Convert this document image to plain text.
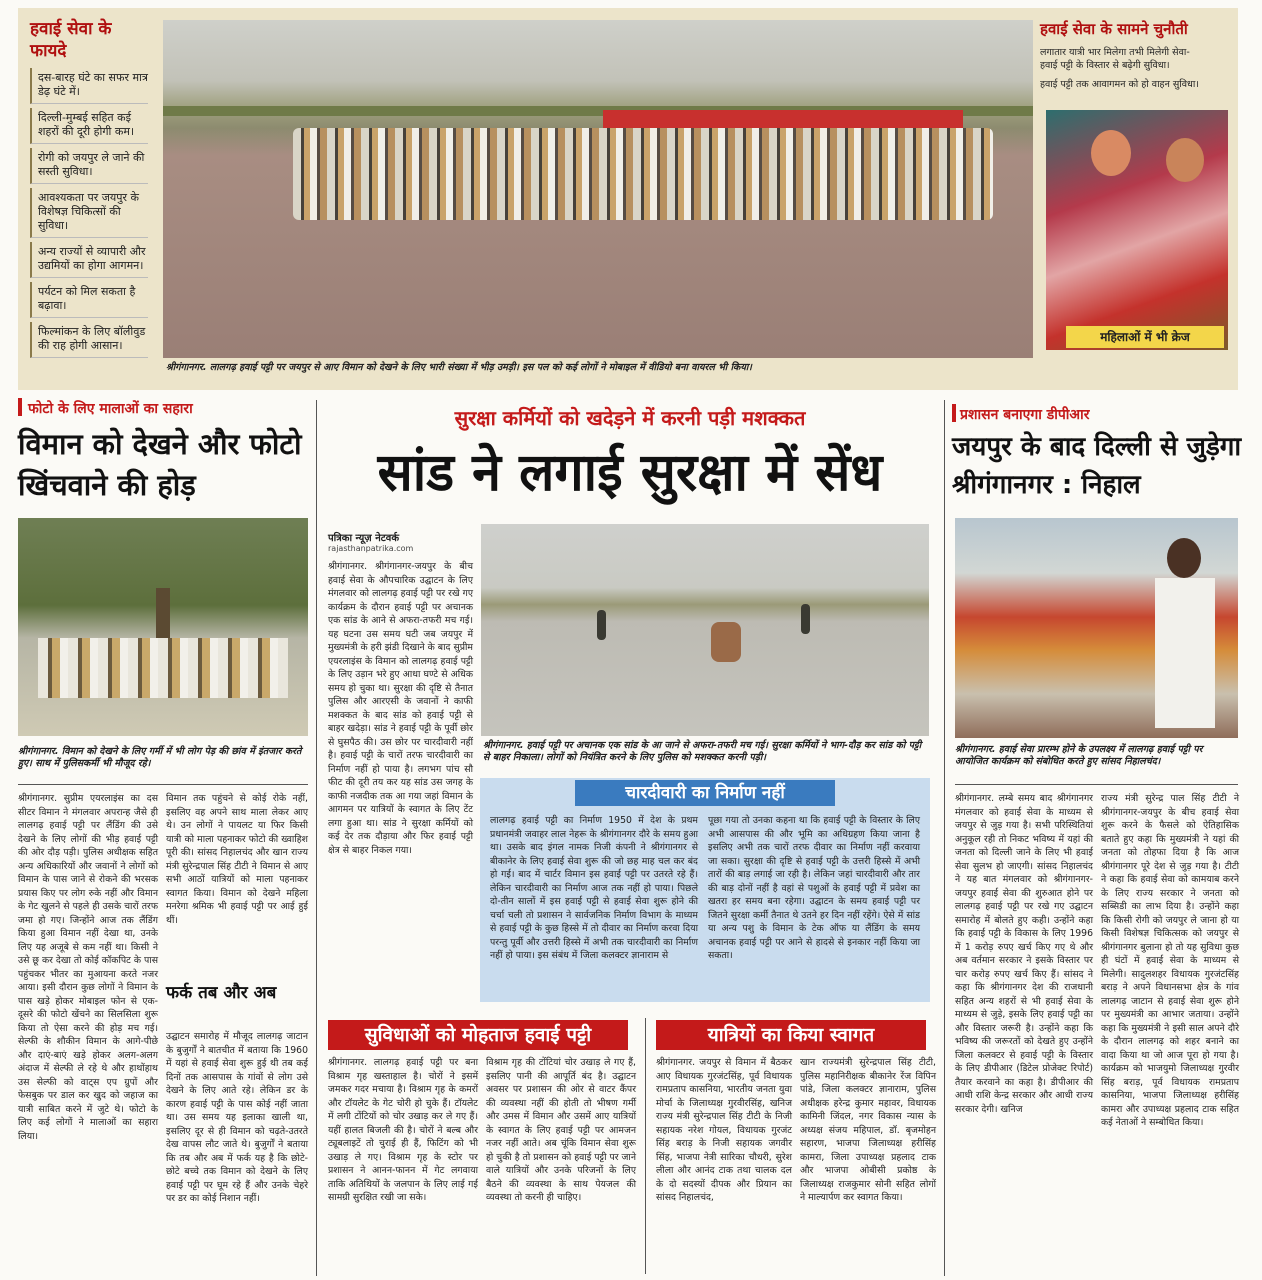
हवाई सेवा के फायदे
दस-बारह घंटे का सफर मात्र डेढ़ घंटे में।
दिल्ली-मुम्बई सहित कई शहरों की दूरी होगी कम।
रोगी को जयपुर ले जाने की सस्ती सुविधा।
आवश्यकता पर जयपुर के विशेषज्ञ चिकित्सों की सुविधा।
अन्य राज्यों से व्यापारी और उद्यमियों का होगा आगमन।
पर्यटन को मिल सकता है बढ़ावा।
फिल्मांकन के लिए बॉलीवुड की राह होगी आसान।
श्रीगंगानगर. लालगढ़ हवाई पट्टी पर जयपुर से आए विमान को देखने के लिए भारी संख्या में भीड़ उमड़ी। इस पल को कई लोगों ने मोबाइल में वीडियो बना वायरल भी किया।
हवाई सेवा के सामने चुनौती
लगातार यात्री भार मिलेगा तभी मिलेगी सेवा-
हवाई पट्टी के विस्तार से बढ़ेगी सुविधा।
हवाई पट्टी तक आवागमन को हो वाहन सुविधा।
महिलाओं में भी क्रेज
फोटो के लिए मालाओं का सहारा
विमान को देखने और फोटो खिंचवाने की होड़
श्रीगंगानगर. विमान को देखने के लिए गर्मी में भी लोग पेड़ की छांव में इंतजार करते हुए। साथ में पुलिसकर्मी भी मौजूद रहे।
श्रीगंगानगर. सुप्रीम एयरलाइंस का दस सीटर विमान ने मंगलवार अपरान्ह जैसे ही लालगढ़ हवाई पट्टी पर लैंडिंग की उसे देखने के लिए लोगों की भीड़ हवाई पट्टी की ओर दौड़ पड़ी। पुलिस अधीक्षक सहित अन्य अधिकारियों और जवानों ने लोगों को विमान के पास जाने से रोकने की भरसक प्रयास किए पर लोग रुके नहीं और विमान के गेट खुलने से पहले ही उसके चारों तरफ जमा हो गए। जिन्होंने आज तक लैंडिंग किया हुआ विमान नहीं देखा था, उनके लिए यह अजूबे से कम नहीं था। किसी ने उसे छू कर देखा तो कोई कॉकपिट के पास पहुंचकर भीतर का मुआयना करते नजर आया। इसी दौरान कुछ लोगों ने विमान के पास खड़े होकर मोबाइल फोन से एक-दूसरे की फोटो खेंचने का सिलसिला शुरू किया तो ऐसा करने की होड़ मच गई। सेल्फी के शौकीन विमान के आगे-पीछे और दाएं-बाएं खड़े होकर अलग-अलग अंदाज में सेल्फी ले रहे थे और हाथोंहाथ उस सेल्फी को वाट्स एप ग्रुपों और फेसबुक पर डाल कर खुद को जहाज का यात्री साबित करने में जुटे थे। फोटो के लिए कई लोगों ने मालाओं का सहारा लिया।
विमान तक पहुंचने से कोई रोके नहीं, इसलिए वह अपने साथ माला लेकर आए थे। उन लोगों ने पायलट या फिर किसी यात्री को माला पहनाकर फोटो की ख्वाहिश पूरी की। सांसद निहालचंद और खान राज्य मंत्री सुरेन्द्रपाल सिंह टीटी ने विमान से आए सभी आठों यात्रियों को माला पहनाकर स्वागत किया। विमान को देखने महिला मनरेगा श्रमिक भी हवाई पट्टी पर आई हुई थीं।
फर्क तब और अब
उद्घाटन समारोह में मौजूद लालगढ़ जाटान के बुजुर्गों ने बातचीत में बताया कि 1960 में यहां से हवाई सेवा शुरू हुई थी तब कई दिनों तक आसपास के गांवों से लोग उसे देखने के लिए आते रहे। लेकिन डर के कारण हवाई पट्टी के पास कोई नहीं जाता था। उस समय यह इलाका खाली था, इसलिए दूर से ही विमान को चढ़ते-उतरते देख वापस लौट जाते थे। बुजुर्गों ने बताया कि तब और अब में फर्क यह है कि छोटे-छोटे बच्चे तक विमान को देखने के लिए हवाई पट्टी पर घूम रहे हैं और उनके चेहरे पर डर का कोई निशान नहीं।
सुरक्षा कर्मियों को खदेड़ने में करनी पड़ी मशक्कत
सांड ने लगाई सुरक्षा में सेंध
पत्रिका न्यूज़ नेटवर्क
rajasthanpatrika.com
श्रीगंगानगर. श्रीगंगानगर-जयपुर के बीच हवाई सेवा के औपचारिक उद्घाटन के लिए मंगलवार को लालगढ़ हवाई पट्टी पर रखे गए कार्यक्रम के दौरान हवाई पट्टी पर अचानक एक सांड के आने से अफरा-तफरी मच गई। यह घटना उस समय घटी जब जयपुर में मुख्यमंत्री के हरी झंडी दिखाने के बाद सुप्रीम एयरलाइंस के विमान को लालगढ़ हवाई पट्टी के लिए उड़ान भरे हुए आधा घण्टे से अधिक समय हो चुका था। सुरक्षा की दृष्टि से तैनात पुलिस और आरएसी के जवानों ने काफी मशक्कत के बाद सांड को हवाई पट्टी से बाहर खदेड़ा। सांड ने हवाई पट्टी के पूर्वी छोर से घुसपैठ की। उस छोर पर चारदीवारी नहीं है। हवाई पट्टी के चारों तरफ चारदीवारी का निर्माण नहीं हो पाया है। लगभग पांच सौ फीट की दूरी तय कर यह सांड उस जगह के काफी नजदीक तक आ गया जहां विमान के आगमन पर यात्रियों के स्वागत के लिए टेंट लगा हुआ था। सांड ने सुरक्षा कर्मियों को कई देर तक दौड़ाया और फिर हवाई पट्टी क्षेत्र से बाहर निकल गया।
श्रीगंगानगर. हवाई पट्टी पर अचानक एक सांड के आ जाने से अफरा-तफरी मच गई। सुरक्षा कर्मियों ने भाग-दौड़ कर सांड को पट्टी से बाहर निकाला। लोगों को नियंत्रित करने के लिए पुलिस को मशक्कत करनी पड़ी।
चारदीवारी का निर्माण नहीं
लालगढ़ हवाई पट्टी का निर्माण 1950 में देश के प्रथम प्रधानमंत्री जवाहर लाल नेहरू के श्रीगंगानगर दौरे के समय हुआ था। उसके बाद इंगल नामक निजी कंपनी ने श्रीगंगानगर से बीकानेर के लिए हवाई सेवा शुरू की जो छह माह चल कर बंद हो गई। बाद में चार्टर विमान इस हवाई पट्टी पर उतरते रहे हैं। लेकिन चारदीवारी का निर्माण आज तक नहीं हो पाया। पिछले दो-तीन सालों में इस हवाई पट्टी से हवाई सेवा शुरू होने की चर्चा चली तो प्रशासन ने सार्वजनिक निर्माण विभाग के माध्यम से हवाई पट्टी के कुछ हिस्से में तो दीवार का निर्माण करवा दिया परन्तु पूर्वी और उत्तरी हिस्से में अभी तक चारदीवारी का निर्माण नहीं हो पाया। इस संबंध में जिला कलक्टर ज्ञानाराम से
पूछा गया तो उनका कहना था कि हवाई पट्टी के विस्तार के लिए अभी आसपास की और भूमि का अधिग्रहण किया जाना है इसलिए अभी तक चारों तरफ दीवार का निर्माण नहीं करवाया जा सका। सुरक्षा की दृष्टि से हवाई पट्टी के उत्तरी हिस्से में अभी तारों की बाड़ लगाई जा रही है। लेकिन जहां चारदीवारी और तार की बाड़ दोनों नहीं है वहां से पशुओं के हवाई पट्टी में प्रवेश का खतरा हर समय बना रहेगा। उद्घाटन के समय हवाई पट्टी पर जितने सुरक्षा कर्मी तैनात थे उतने हर दिन नहीं रहेंगे। ऐसे में सांड या अन्य पशु के विमान के टेक ऑफ या लैंडिंग के समय अचानक हवाई पट्टी पर आने से हादसे से इनकार नहीं किया जा सकता।
सुविधाओं को मोहताज हवाई पट्टी
श्रीगंगानगर. लालगढ़ हवाई पट्टी पर बना विश्राम गृह खस्ताहाल है। चोरों ने इसमें जमकर गदर मचाया है। विश्राम गृह के कमरों और टॉयलेट के गेट चोरी हो चुके हैं। टॉयलेट में लगी टोंटियों को चोर उखाड़ कर ले गए हैं। यहीं हालत बिजली की है। चोरों ने बल्ब और ट्यूबलाइटें तो चुराई ही हैं, फिटिंग को भी उखाड़ ले गए। विश्राम गृह के स्टोर पर प्रशासन ने आनन-फानन में गेट लगवाया ताकि अतिथियों के जलपान के लिए लाई गई सामग्री सुरक्षित रखी जा सके।
विश्राम गृह की टोंटियां चोर उखाड़ ले गए हैं, इसलिए पानी की आपूर्ति बंद है। उद्घाटन अवसर पर प्रशासन की ओर से वाटर कैंपर की व्यवस्था नहीं की होती तो भीषण गर्मी और उमस में विमान और उसमें आए यात्रियों के स्वागत के लिए हवाई पट्टी पर आमजन नजर नहीं आते। अब चूंकि विमान सेवा शुरू हो चुकी है तो प्रशासन को हवाई पट्टी पर जाने वाले यात्रियों और उनके परिजनों के लिए बैठने की व्यवस्था के साथ पेयजल की व्यवस्था तो करनी ही चाहिए।
यात्रियों का किया स्वागत
श्रीगंगानगर. जयपुर से विमान में बैठकर आए विधायक गुरजंटसिंह, पूर्व विधायक रामप्रताप कासनिया, भारतीय जनता युवा मोर्चा के जिलाध्यक्ष गुरवीरसिंह, खनिज राज्य मंत्री सुरेन्द्रपाल सिंह टीटी के निजी सहायक नरेश गोयल, विधायक गुरजंट सिंह बराड़ के निजी सहायक जगवीर सिंह, भाजपा नेत्री सारिका चौधरी, सुरेश लीला और आनंद टाक तथा चालक दल के दो सदस्यों दीपक और प्रियान का सांसद निहालचंद,
खान राज्यमंत्री सुरेन्द्रपाल सिंह टीटी, पुलिस महानिरीक्षक बीकानेर रेंज विपिन पांडे, जिला कलक्टर ज्ञानाराम, पुलिस अधीक्षक हरेन्द्र कुमार महावर, विधायक कामिनी जिंदल, नगर विकास न्यास के अध्यक्ष संजय महिपाल, डॉ. बृजमोहन सहारण, भाजपा जिलाध्यक्ष हरीसिंह कामरा, जिला उपाध्यक्ष प्रहलाद टाक और भाजपा ओबीसी प्रकोष्ठ के जिलाध्यक्ष राजकुमार सोनी सहित लोगों ने माल्यार्पण कर स्वागत किया।
प्रशासन बनाएगा डीपीआर
जयपुर के बाद दिल्ली से जुड़ेगा श्रीगंगानगर : निहाल
श्रीगंगानगर. हवाई सेवा प्रारम्भ होने के उपलक्ष्य में लालगढ़ हवाई पट्टी पर आयोजित कार्यक्रम को संबोधित करते हुए सांसद निहालचंद।
श्रीगंगानगर. लम्बे समय बाद श्रीगंगानगर मंगलवार को हवाई सेवा के माध्यम से जयपुर से जुड़ गया है। सभी परिस्थितियां अनुकूल रही तो निकट भविष्य में यहां की जनता को दिल्ली जाने के लिए भी हवाई सेवा सुलभ हो जाएगी। सांसद निहालचंद ने यह बात मंगलवार को श्रीगंगानगर-जयपुर हवाई सेवा की शुरुआत होने पर लालगढ़ हवाई पट्टी पर रखे गए उद्घाटन समारोह में बोलते हुए कही। उन्होंने कहा कि हवाई पट्टी के विकास के लिए 1996 में 1 करोड़ रुपए खर्च किए गए थे और अब वर्तमान सरकार ने इसके विस्तार पर चार करोड़ रुपए खर्च किए हैं। सांसद ने कहा कि श्रीगंगानगर देश की राजधानी सहित अन्य शहरों से भी हवाई सेवा के माध्यम से जुड़े, इसके लिए हवाई पट्टी का और विस्तार जरूरी है। उन्होंने कहा कि भविष्य की जरूरतों को देखते हुए उन्होंने जिला कलक्टर से हवाई पट्टी के विस्तार के लिए डीपीआर (डिटेल प्रोजेक्ट रिपोर्ट) तैयार करवाने का कहा है। डीपीआर की आधी राशि केन्द्र सरकार और आधी राज्य सरकार देगी। खनिज
राज्य मंत्री सुरेन्द्र पाल सिंह टीटी ने श्रीगंगानगर-जयपुर के बीच हवाई सेवा शुरू करने के फैसले को ऐतिहासिक बताते हुए कहा कि मुख्यमंत्री ने यहां की जनता को तोहफा दिया है कि आज श्रीगंगानगर पूरे देश से जुड़ गया है। टीटी ने कहा कि हवाई सेवा को कामयाब करने के लिए राज्य सरकार ने जनता को सब्सिडी का लाभ दिया है। उन्होंने कहा कि किसी रोगी को जयपुर ले जाना हो या किसी विशेषज्ञ चिकित्सक को जयपुर से श्रीगंगानगर बुलाना हो तो यह सुविधा कुछ ही घंटों में हवाई सेवा के माध्यम से मिलेगी। सादुलशहर विधायक गुरजंटसिंह बराड़ ने अपने विधानसभा क्षेत्र के गांव लालगढ़ जाटान से हवाई सेवा शुरू होने पर मुख्यमंत्री का आभार जताया। उन्होंने कहा कि मुख्यमंत्री ने इसी साल अपने दौरे के दौरान लालगढ़ को शहर बनाने का वादा किया था जो आज पूरा हो गया है। कार्यक्रम को भाजयुमो जिलाध्यक्ष गुरवीर सिंह बराड़, पूर्व विधायक रामप्रताप कासनिया, भाजपा जिलाध्यक्ष हरीसिंह कामरा और उपाध्यक्ष प्रहलाद टाक सहित कई नेताओं ने सम्बोधित किया।
